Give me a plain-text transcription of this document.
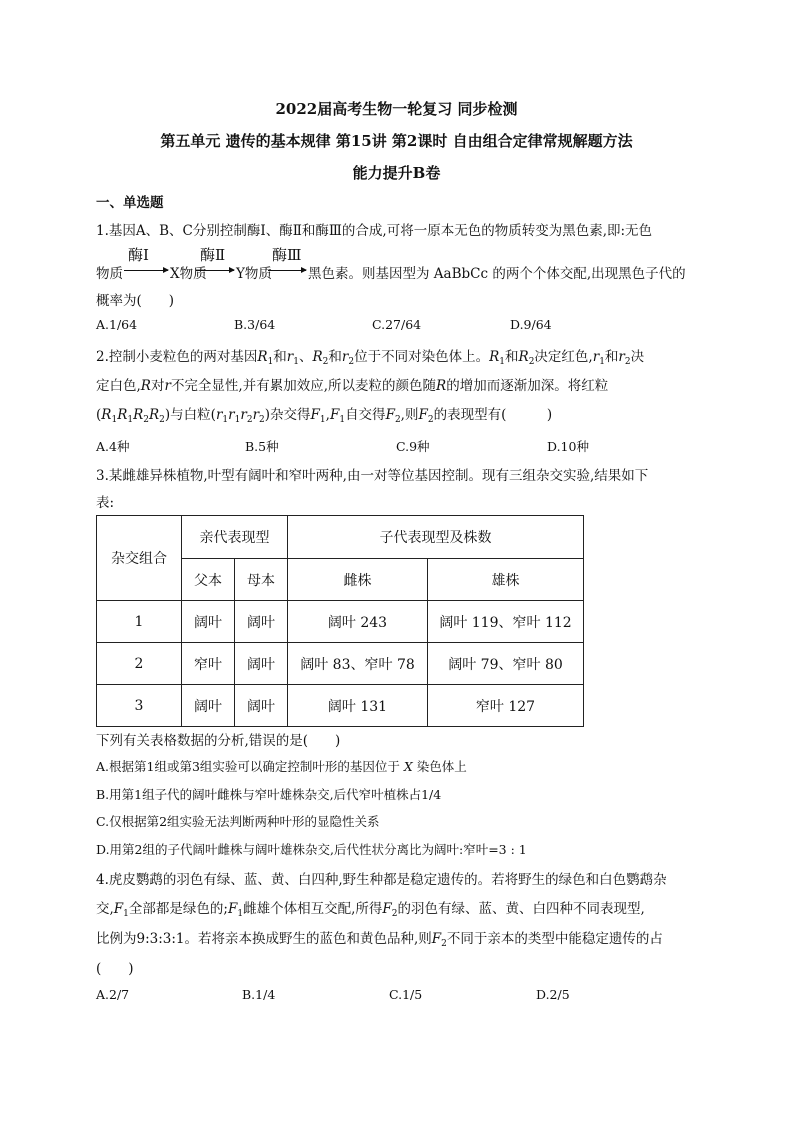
2022届高考生物一轮复习 同步检测
第五单元 遗传的基本规律 第15讲 第2课时 自由组合定律常规解题方法
能力提升B卷
一、单选题
1.基因A、B、C分别控制酶Ⅰ、酶Ⅱ和酶Ⅲ的合成,可将一原本无色的物质转变为黑色素,即:无色
酶Ⅰ	酶Ⅱ	酶Ⅲ
物质	X物质 Y物质	黑色素。则基因型为 AaBbCc 的两个个体交配,出现黑色子代的
概率为(　　)
A.1/64	B.3/64	C.27/64	D.9/64
2.控制小麦粒色的两对基因$R_1$和$r_1$、$R_2$和$r_2$位于不同对染色体上。$R_1$和$R_2$决定红色$,r_1$和$r_2$决
定白色,R对r不完全显性,并有累加效应,所以麦粒的颜色随R的增加而逐渐加深。将红粒
$(R_1R_1R_2R_2)$与白粒$(r_1r_1r_2r_2)$杂交得$F_1,F_1$自交得$F_2$,则$F_2$的表现型有(　　　)
A.4种	B.5种	C.9种	D.10种
3.某雌雄异株植物,叶型有阔叶和窄叶两种,由一对等位基因控制。现有三组杂交实验,结果如下
表:
杂交组合	亲代表现型		子代表现型及株数	
	父本	母本	雌株	雄株
1	阔叶	阔叶	阔叶 243	阔叶 119、窄叶 112
2	窄叶	阔叶	阔叶 83、窄叶 78	阔叶 79、窄叶 80
3	阔叶	阔叶	阔叶 131	窄叶 127
下列有关表格数据的分析,错误的是(　　)
A.根据第1组或第3组实验可以确定控制叶形的基因位于 X 染色体上
B.用第1组子代的阔叶雌株与窄叶雄株杂交,后代窄叶植株占1/4
C.仅根据第2组实验无法判断两种叶形的显隐性关系
D.用第2组的子代阔叶雌株与阔叶雄株杂交,后代性状分离比为阔叶:窄叶=3 : 1
4.虎皮鹦鹉的羽色有绿、蓝、黄、白四种,野生种都是稳定遗传的。若将野生的绿色和白色鹦鹉杂
交$,F_1$全部都是绿色的$;F_1$雌雄个体相互交配,所得$F_2$的羽色有绿、蓝、黄、白四种不同表现型,
比例为9:3:3:1。若将亲本换成野生的蓝色和黄色品种,则$F_2$不同于亲本的类型中能稳定遗传的占
(　　)
A.2/7	B.1/4	C.1/5	D.2/5
